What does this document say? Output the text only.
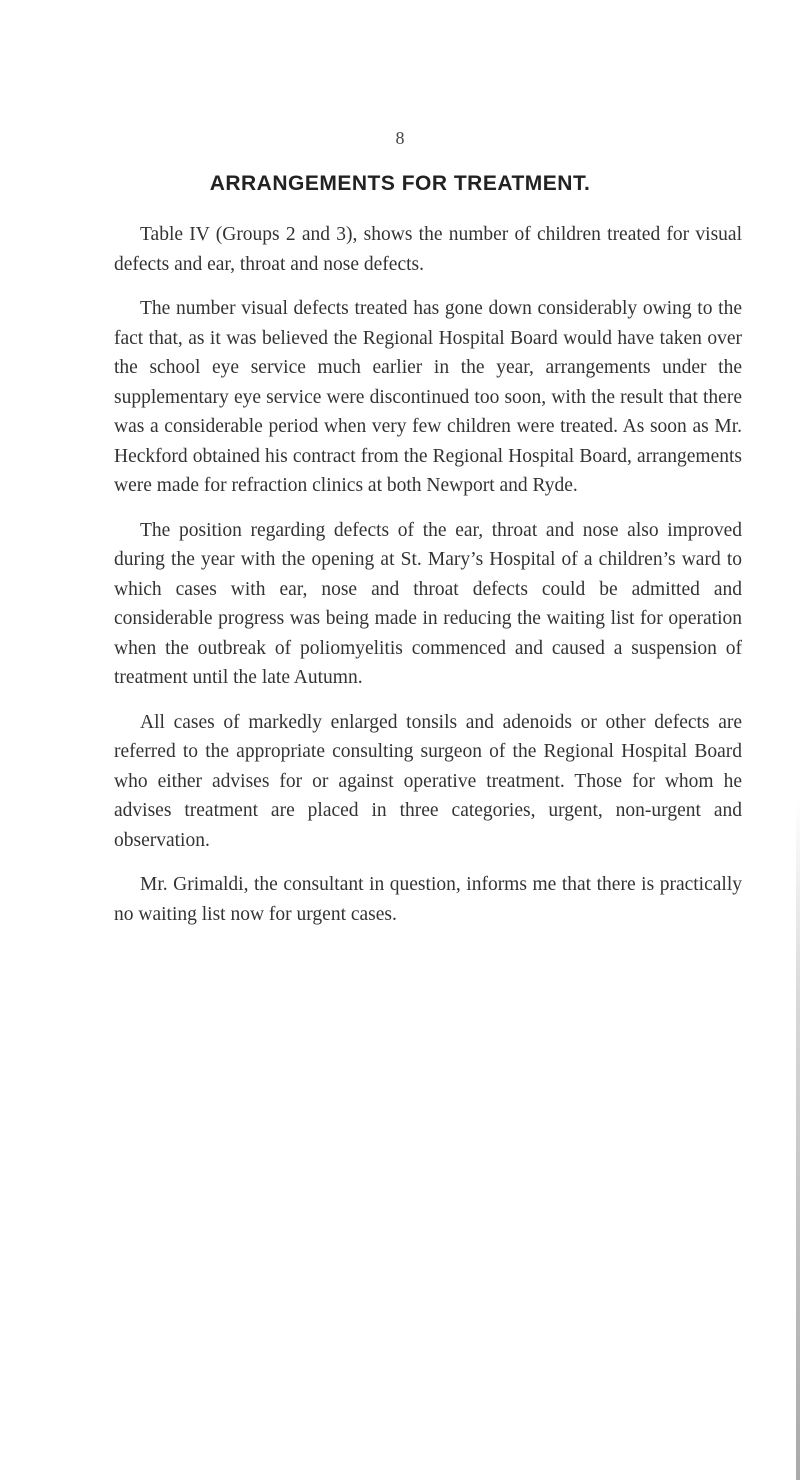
8

ARRANGEMENTS FOR TREATMENT.

Table IV (Groups 2 and 3), shows the number of children treated for visual defects and ear, throat and nose defects.

The number visual defects treated has gone down considerably owing to the fact that, as it was believed the Regional Hospital Board would have taken over the school eye service much earlier in the year, arrangements under the supplementary eye service were discontinued too soon, with the result that there was a considerable period when very few children were treated. As soon as Mr. Heckford obtained his contract from the Regional Hospital Board, arrangements were made for refraction clinics at both Newport and Ryde.

The position regarding defects of the ear, throat and nose also improved during the year with the opening at St. Mary’s Hospital of a children’s ward to which cases with ear, nose and throat defects could be admitted and considerable progress was being made in reducing the waiting list for operation when the outbreak of poliomyelitis commenced and caused a suspension of treatment until the late Autumn.

All cases of markedly enlarged tonsils and adenoids or other defects are referred to the appropriate consulting surgeon of the Regional Hospital Board who either advises for or against operative treatment. Those for whom he advises treatment are placed in three categories, urgent, non-urgent and observation.

Mr. Grimaldi, the consultant in question, informs me that there is practically no waiting list now for urgent cases.
